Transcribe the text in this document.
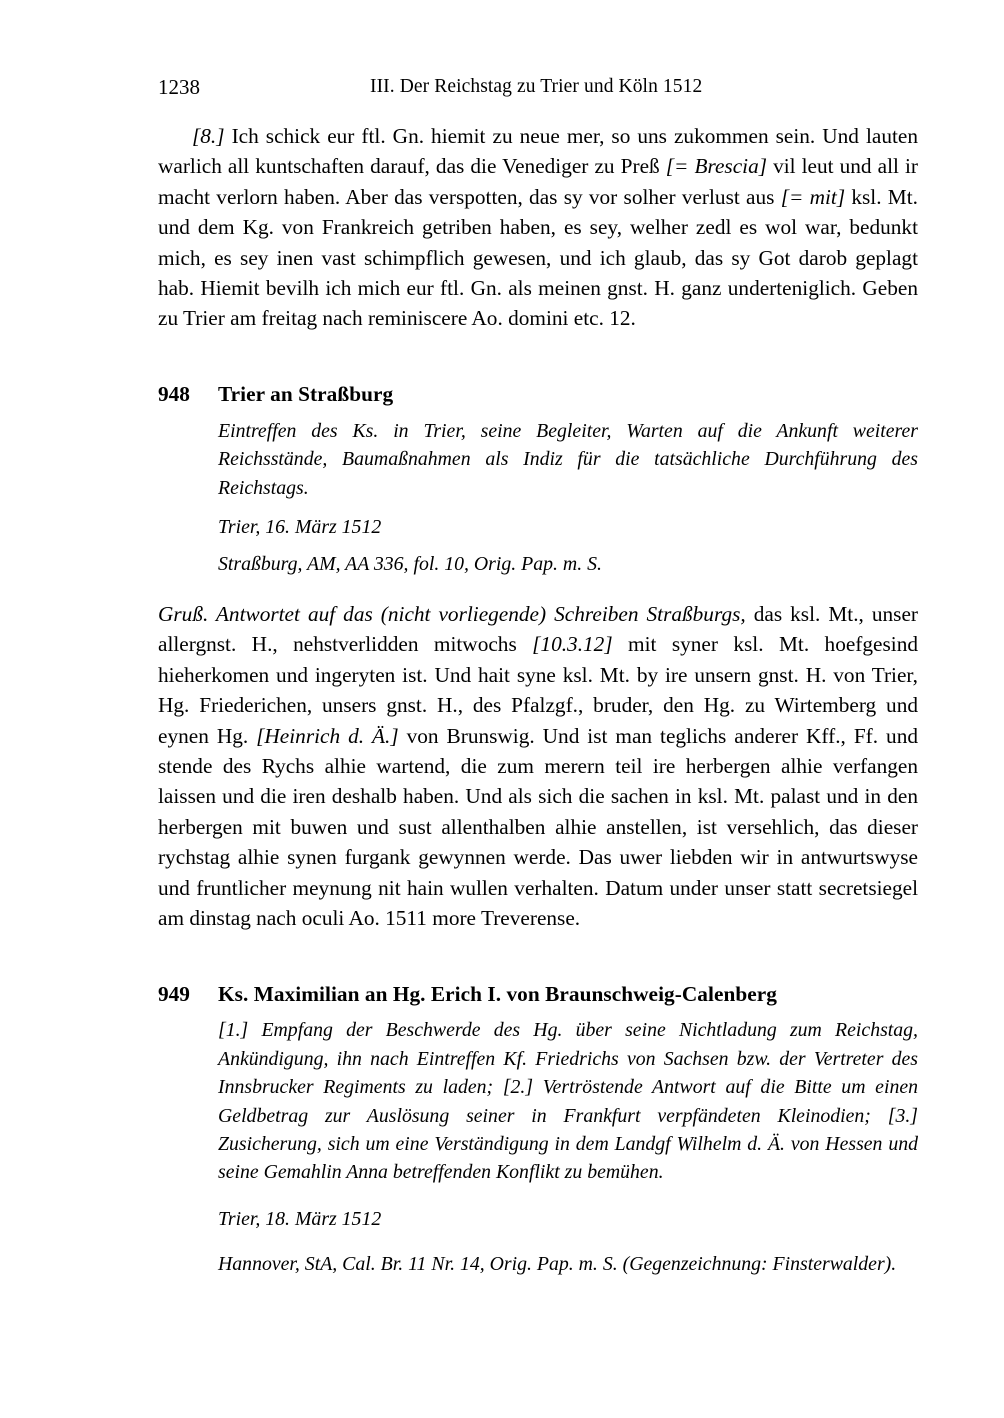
1238	III. Der Reichstag zu Trier und Köln 1512

[8.] Ich schick eur ftl. Gn. hiemit zu neue mer, so uns zukommen sein. Und lauten warlich all kuntschaften darauf, das die Venediger zu Preß [= Brescia] vil leut und all ir macht verlorn haben. Aber das verspotten, das sy vor solher verlust aus [= mit] ksl. Mt. und dem Kg. von Frankreich getriben haben, es sey, welher zedl es wol war, bedunkt mich, es sey inen vast schimpflich gewesen, und ich glaub, das sy Got darob geplagt hab. Hiemit bevilh ich mich eur ftl. Gn. als meinen gnst. H. ganz underteniglich. Geben zu Trier am freitag nach reminiscere Ao. domini etc. 12.

948 Trier an Straßburg

Eintreffen des Ks. in Trier, seine Begleiter, Warten auf die Ankunft weiterer Reichsstände, Baumaßnahmen als Indiz für die tatsächliche Durchführung des Reichstags.

Trier, 16. März 1512

Straßburg, AM, AA 336, fol. 10, Orig. Pap. m. S.

Gruß. Antwortet auf das (nicht vorliegende) Schreiben Straßburgs, das ksl. Mt., unser allergnst. H., nehstverlidden mitwochs [10.3.12] mit syner ksl. Mt. hoefgesind hieherkomen und ingeryten ist. Und hait syne ksl. Mt. by ire unsern gnst. H. von Trier, Hg. Friederichen, unsers gnst. H., des Pfalzgf., bruder, den Hg. zu Wirtemberg und eynen Hg. [Heinrich d. Ä.] von Brunswig. Und ist man teglichs anderer Kff., Ff. und stende des Rychs alhie wartend, die zum merern teil ire herbergen alhie verfangen laissen und die iren deshalb haben. Und als sich die sachen in ksl. Mt. palast und in den herbergen mit buwen und sust allenthalben alhie anstellen, ist versehlich, das dieser rychstag alhie synen furgank gewynnen werde. Das uwer liebden wir in antwurtswyse und fruntlicher meynung nit hain wullen verhalten. Datum under unser statt secretsiegel am dinstag nach oculi Ao. 1511 more Treverense.

949 Ks. Maximilian an Hg. Erich I. von Braunschweig-Calenberg

[1.] Empfang der Beschwerde des Hg. über seine Nichtladung zum Reichstag, Ankündigung, ihn nach Eintreffen Kf. Friedrichs von Sachsen bzw. der Vertreter des Innsbrucker Regiments zu laden; [2.] Vertröstende Antwort auf die Bitte um einen Geldbetrag zur Auslösung seiner in Frankfurt verpfändeten Kleinodien; [3.] Zusicherung, sich um eine Verständigung in dem Landgf Wilhelm d. Ä. von Hessen und seine Gemahlin Anna betreffenden Konflikt zu bemühen.

Trier, 18. März 1512

Hannover, StA, Cal. Br. 11 Nr. 14, Orig. Pap. m. S. (Gegenzeichnung: Finsterwalder).
